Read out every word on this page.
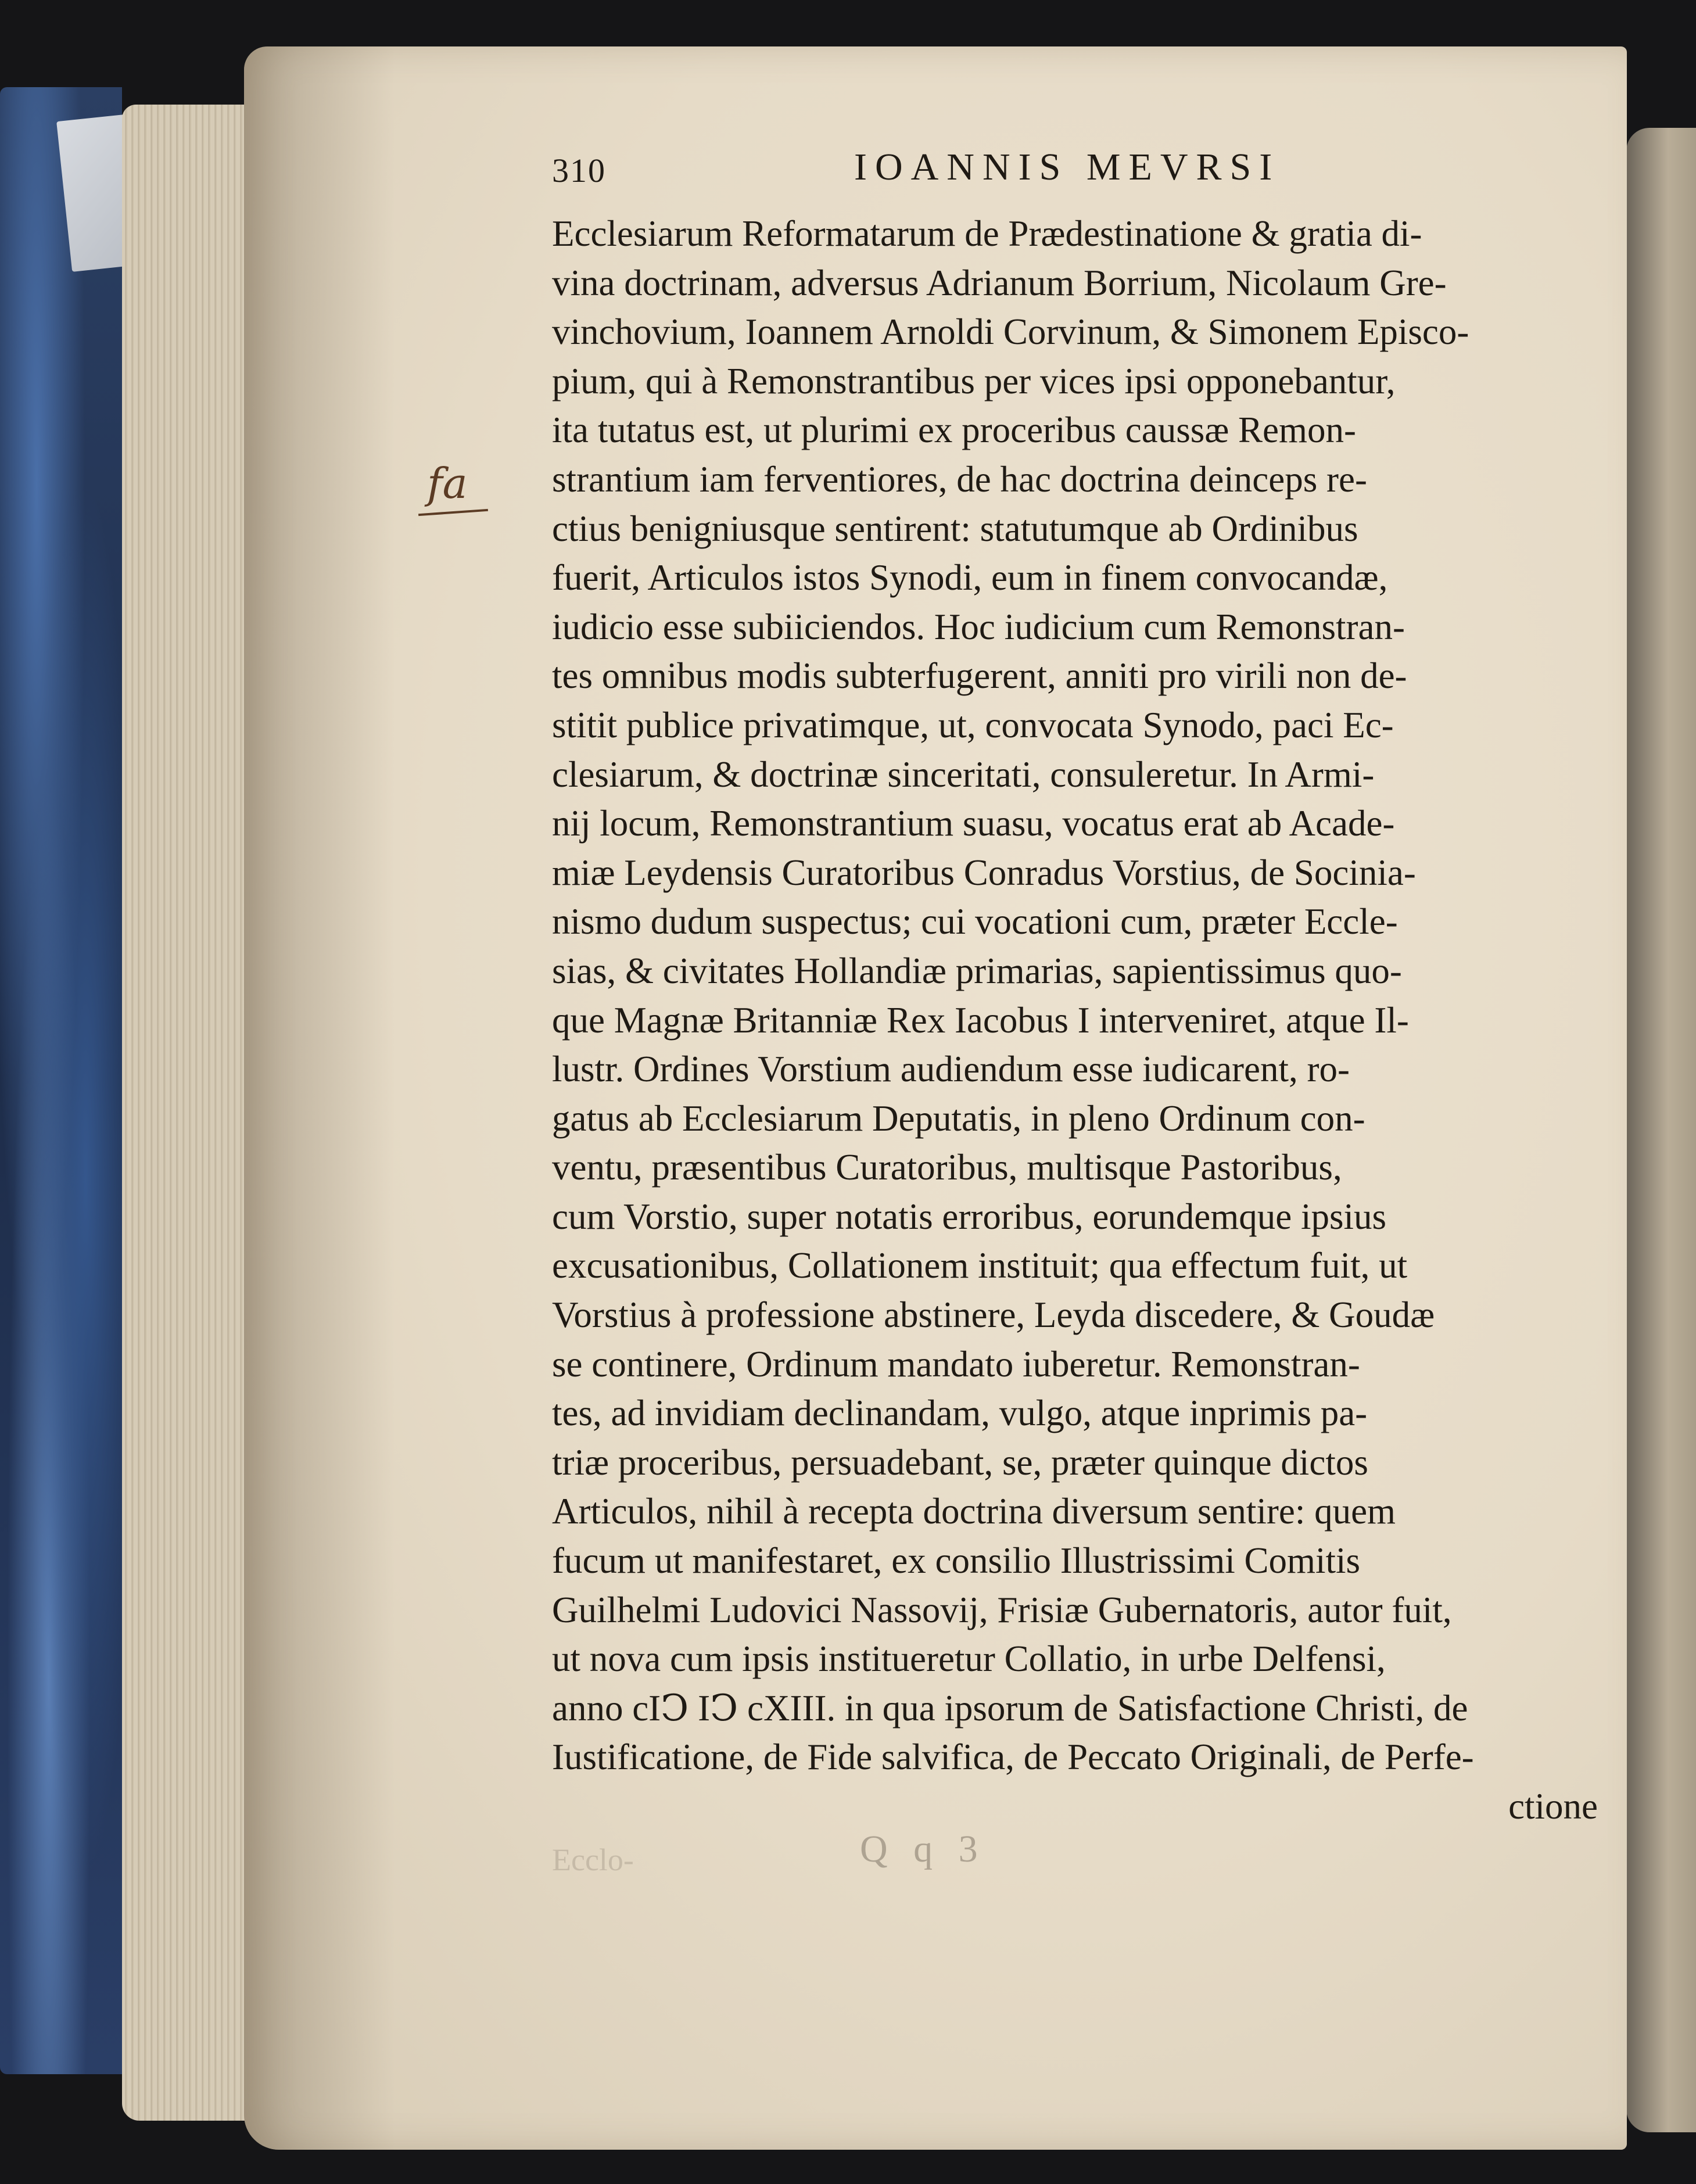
fa
310	IOANNIS MEVRSI
Ecclesiarum Reformatarum de Prædestinatione & gratia di-
vina doctrinam, adversus Adrianum Borrium, Nicolaum Gre-
vinchovium, Ioannem Arnoldi Corvinum, & Simonem Episco-
pium, qui à Remonstrantibus per vices ipsi opponebantur,
ita tutatus est, ut plurimi ex proceribus caussæ Remon-
strantium iam ferventiores, de hac doctrina deinceps re-
ctius benigniusque sentirent: statutumque ab Ordinibus
fuerit, Articulos istos Synodi, eum in finem convocandæ,
iudicio esse subiiciendos. Hoc iudicium cum Remonstran-
tes omnibus modis subterfugerent, anniti pro virili non de-
stitit publice privatimque, ut, convocata Synodo, paci Ec-
clesiarum, & doctrinæ sinceritati, consuleretur. In Armi-
nij locum, Remonstrantium suasu, vocatus erat ab Acade-
miæ Leydensis Curatoribus Conradus Vorstius, de Sociniа-
nismo dudum suspectus; cui vocationi cum, præter Eccle-
sias, & civitates Hollandiæ primarias, sapientissimus quo-
que Magnæ Britanniæ Rex Iacobus I interveniret, atque Il-
lustr. Ordines Vorstium audiendum esse iudicarent, ro-
gatus ab Ecclesiarum Deputatis, in pleno Ordinum con-
ventu, præsentibus Curatoribus, multisque Pastoribus,
cum Vorstio, super notatis erroribus, eorundemque ipsius
excusationibus, Collationem instituit; qua effectum fuit, ut
Vorstius à professione abstinere, Leyda discedere, & Goudæ
se continere, Ordinum mandato iuberetur. Remonstran-
tes, ad invidiam declinandam, vulgo, atque inprimis pa-
triæ proceribus, persuadebant, se, præter quinque dictos
Articulos, nihil à recepta doctrina diversum sentire: quem
fucum ut manifestaret, ex consilio Illustrissimi Comitis
Guilhelmi Ludovici Nassovij, Frisiæ Gubernatoris, autor fuit,
ut nova cum ipsis institueretur Collatio, in urbe Delfensi,
anno cIↃ IↃ cXIII. in qua ipsorum de Satisfactione Christi, de
Iustificatione, de Fide salvifica, de Peccato Originali, de Perfe-
ctione
Ecclo-	Q q 3
